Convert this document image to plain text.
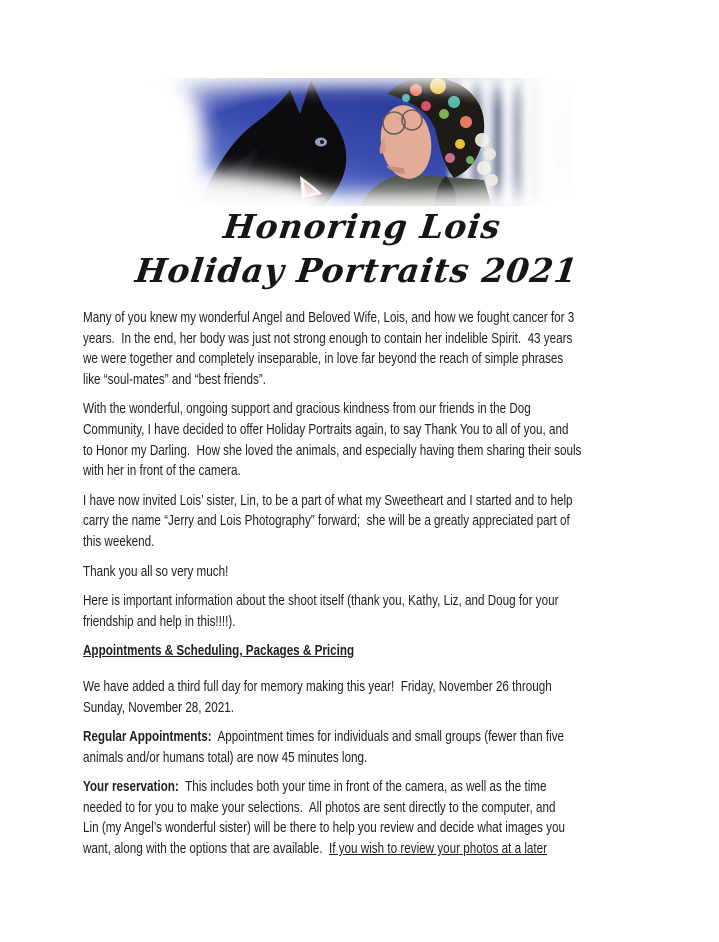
Honoring Lois
Holiday Portraits 2021
Many of you knew my wonderful Angel and Beloved Wife, Lois, and how we fought cancer for 3
years.  In the end, her body was just not strong enough to contain her indelible Spirit.  43 years
we were together and completely inseparable, in love far beyond the reach of simple phrases
like “soul-mates” and “best friends”.
With the wonderful, ongoing support and gracious kindness from our friends in the Dog
Community, I have decided to offer Holiday Portraits again, to say Thank You to all of you, and
to Honor my Darling.  How she loved the animals, and especially having them sharing their souls
with her in front of the camera.
I have now invited Lois’ sister, Lin, to be a part of what my Sweetheart and I started and to help
carry the name “Jerry and Lois Photography” forward;  she will be a greatly appreciated part of
this weekend.
Thank you all so very much!
Here is important information about the shoot itself (thank you, Kathy, Liz, and Doug for your
friendship and help in this!!!!).
Appointments & Scheduling, Packages & Pricing
We have added a third full day for memory making this year!  Friday, November 26 through
Sunday, November 28, 2021.
Regular Appointments:  Appointment times for individuals and small groups (fewer than five
animals and/or humans total) are now 45 minutes long.
Your reservation:  This includes both your time in front of the camera, as well as the time
needed to for you to make your selections.  All photos are sent directly to the computer, and
Lin (my Angel’s wonderful sister) will be there to help you review and decide what images you
want, along with the options that are available.  If you wish to review your photos at a later
